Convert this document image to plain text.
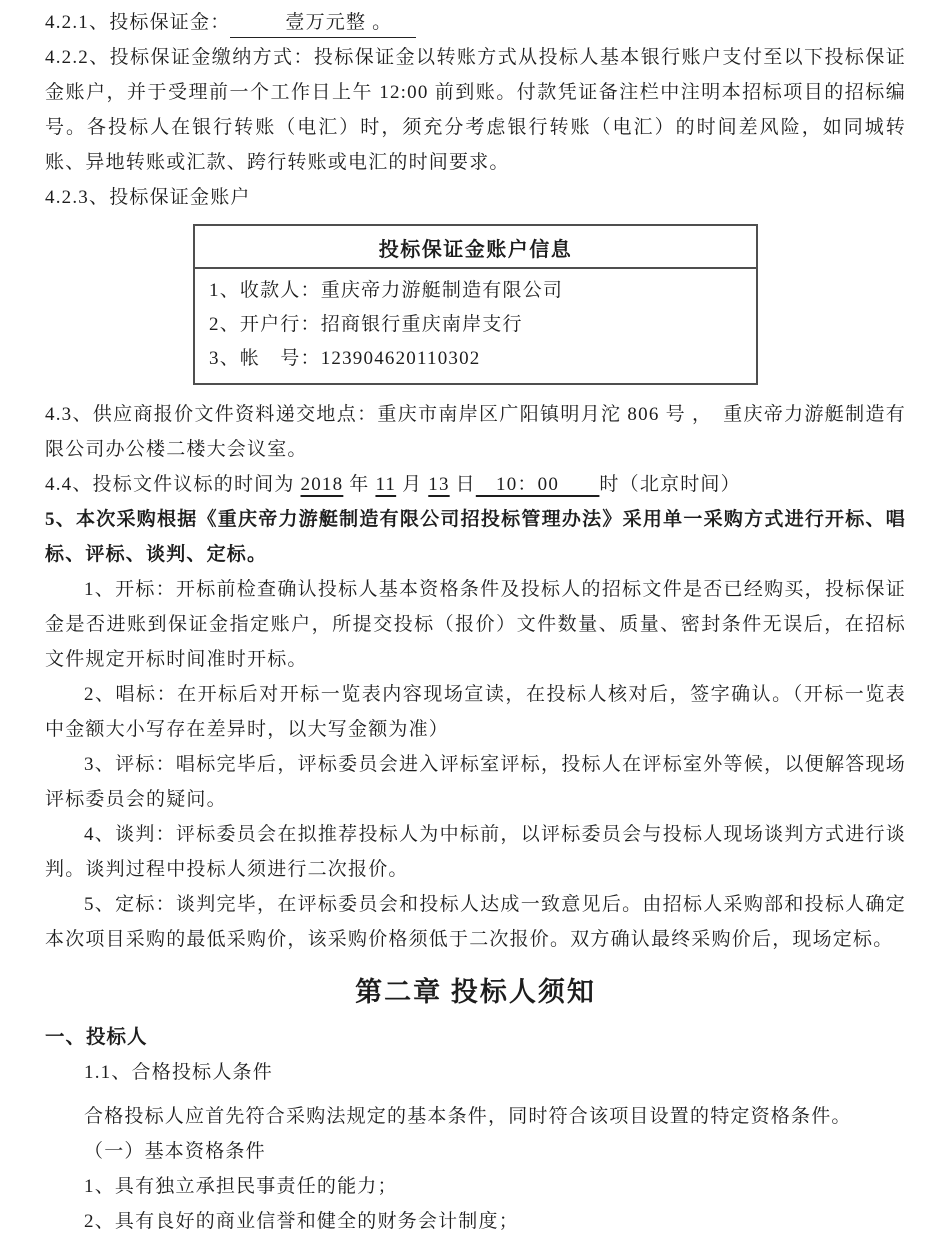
4.2.1、投标保证金：	壹万元整 。

4.2.2、投标保证金缴纳方式：投标保证金以转账方式从投标人基本银行账户支付至以下投标保证金账户，并于受理前一个工作日上午 12:00 前到账。付款凭证备注栏中注明本招标项目的招标编号。各投标人在银行转账（电汇）时，须充分考虑银行转账（电汇）的时间差风险，如同城转账、异地转账或汇款、跨行转账或电汇的时间要求。

4.2.3、投标保证金账户

投标保证金账户信息
1、收款人：重庆帝力游艇制造有限公司
2、开户行：招商银行重庆南岸支行
3、帐　号：123904620110302

4.3、供应商报价文件资料递交地点：重庆市南岸区广阳镇明月沱 806 号 ，　重庆帝力游艇制造有限公司办公楼二楼大会议室。

4.4、投标文件议标的时间为 2018 年 11 月 13 日　10：00　　时（北京时间）

5、本次采购根据《重庆帝力游艇制造有限公司招投标管理办法》采用单一采购方式进行开标、唱标、评标、谈判、定标。

1、开标：开标前检查确认投标人基本资格条件及投标人的招标文件是否已经购买，投标保证金是否进账到保证金指定账户，所提交投标（报价）文件数量、质量、密封条件无误后，在招标文件规定开标时间准时开标。

2、唱标：在开标后对开标一览表内容现场宣读，在投标人核对后，签字确认。（开标一览表中金额大小写存在差异时，以大写金额为准）

3、评标：唱标完毕后，评标委员会进入评标室评标，投标人在评标室外等候，以便解答现场评标委员会的疑问。

4、谈判：评标委员会在拟推荐投标人为中标前，以评标委员会与投标人现场谈判方式进行谈判。谈判过程中投标人须进行二次报价。

5、定标：谈判完毕，在评标委员会和投标人达成一致意见后。由招标人采购部和投标人确定本次项目采购的最低采购价，该采购价格须低于二次报价。双方确认最终采购价后，现场定标。

第二章 投标人须知

一、投标人

1.1、合格投标人条件

合格投标人应首先符合采购法规定的基本条件，同时符合该项目设置的特定资格条件。

（一）基本资格条件

1、具有独立承担民事责任的能力；

2、具有良好的商业信誉和健全的财务会计制度；
